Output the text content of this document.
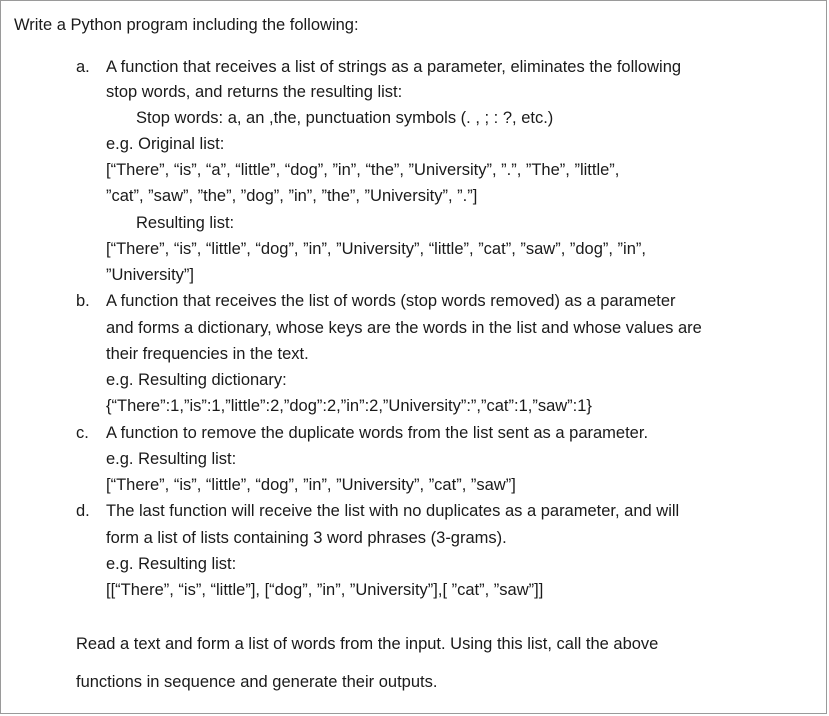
Write a Python program including the following:
a. A function that receives a list of strings as a parameter, eliminates the following
stop words, and returns the resulting list:
Stop words: a, an ,the, punctuation symbols (. , ; : ?, etc.)
e.g. Original list:
[“There”, “is”, “a”, “little”, “dog”, ”in”, “the”, ”University”, ”.”, ”The”, ”little”,
”cat”, ”saw”, ”the”, ”dog”, ”in”, ”the”, ”University”, ”.”]
Resulting list:
[“There”, “is”, “little”, “dog”, ”in”, ”University”, “little”, ”cat”, ”saw”, ”dog”, ”in”,
”University”]
b. A function that receives the list of words (stop words removed) as a parameter
and forms a dictionary, whose keys are the words in the list and whose values are
their frequencies in the text.
e.g. Resulting dictionary:
{“There”:1,”is”:1,”little”:2,”dog”:2,”in”:2,”University”:”,”cat”:1,”saw”:1}
c. A function to remove the duplicate words from the list sent as a parameter.
e.g. Resulting list:
[“There”, “is”, “little”, “dog”, ”in”, ”University”, ”cat”, ”saw”]
d. The last function will receive the list with no duplicates as a parameter, and will
form a list of lists containing 3 word phrases (3-grams).
e.g. Resulting list:
[[“There”, “is”, “little”], [“dog”, ”in”, ”University”],[ ”cat”, ”saw”]]
Read a text and form a list of words from the input. Using this list, call the above
functions in sequence and generate their outputs.
